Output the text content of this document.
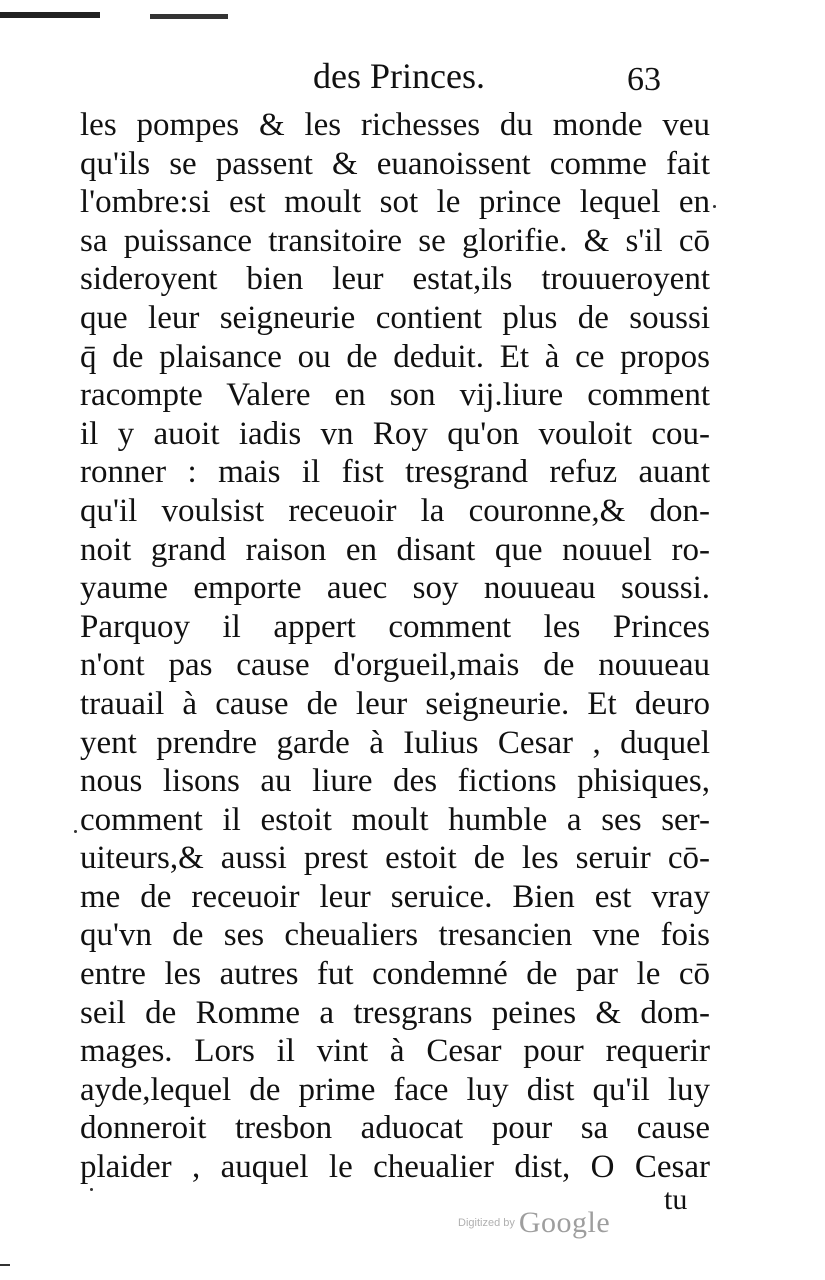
des Princes.	63
les pompes & les richesses du monde veu
qu'ils se passent & euanoissent comme fait
l'ombre:si est moult sot le prince lequel en
sa puissance transitoire se glorifie. & s'il cō
sideroyent bien leur estat,ils trouueroyent
que leur seigneurie contient plus de soussi
q̄ de plaisance ou de deduit. Et à ce propos
racompte Valere en son vij.liure comment
il y auoit iadis vn Roy qu'on vouloit cou-
ronner : mais il fist tresgrand refuz auant
qu'il voulsist receuoir la couronne,& don-
noit grand raison en disant que nouuel ro-
yaume emporte auec soy nouueau soussi.
Parquoy il appert comment les Princes
n'ont pas cause d'orgueil,mais de nouueau
trauail à cause de leur seigneurie. Et deuro
yent prendre garde à Iulius Cesar , duquel
nous lisons au liure des fictions phisiques,
comment il estoit moult humble a ses ser-
uiteurs,& aussi prest estoit de les seruir cō-
me de receuoir leur seruice. Bien est vray
qu'vn de ses cheualiers tresancien vne fois
entre les autres fut condemné de par le cō
seil de Romme a tresgrans peines & dom-
mages. Lors il vint à Cesar pour requerir
ayde,lequel de prime face luy dist qu'il luy
donneroit tresbon aduocat pour sa cause
plaider , auquel le cheualier dist, O Cesar
tu
Digitized by Google
